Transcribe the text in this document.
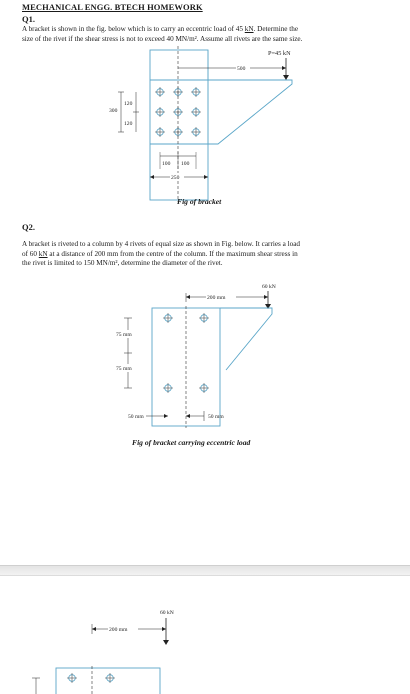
MECHANICAL ENGG. BTECH HOMEWORK
Q1.
A bracket is shown in the fig. below which is to carry an eccentric load of 45 kN. Determine the
size of the rivet if the shear stress is not to exceed 40 MN/m². Assume all rivets are the same size.
P=45 kN
500
300
120
120
100 100
250
Fig of bracket
Q2.
A bracket is riveted to a column by 4 rivets of equal size as shown in Fig. below. It carries a load
of 60 kN at a distance of 200 mm from the centre of the column. If the maximum shear stress in
the rivet is limited to 150 MN/m², determine the diameter of the rivet.
60 kN
200 mm
75 mm
75 mm
50 mm	50 mm
Fig of bracket carrying eccentric load
60 kN
200 mm
